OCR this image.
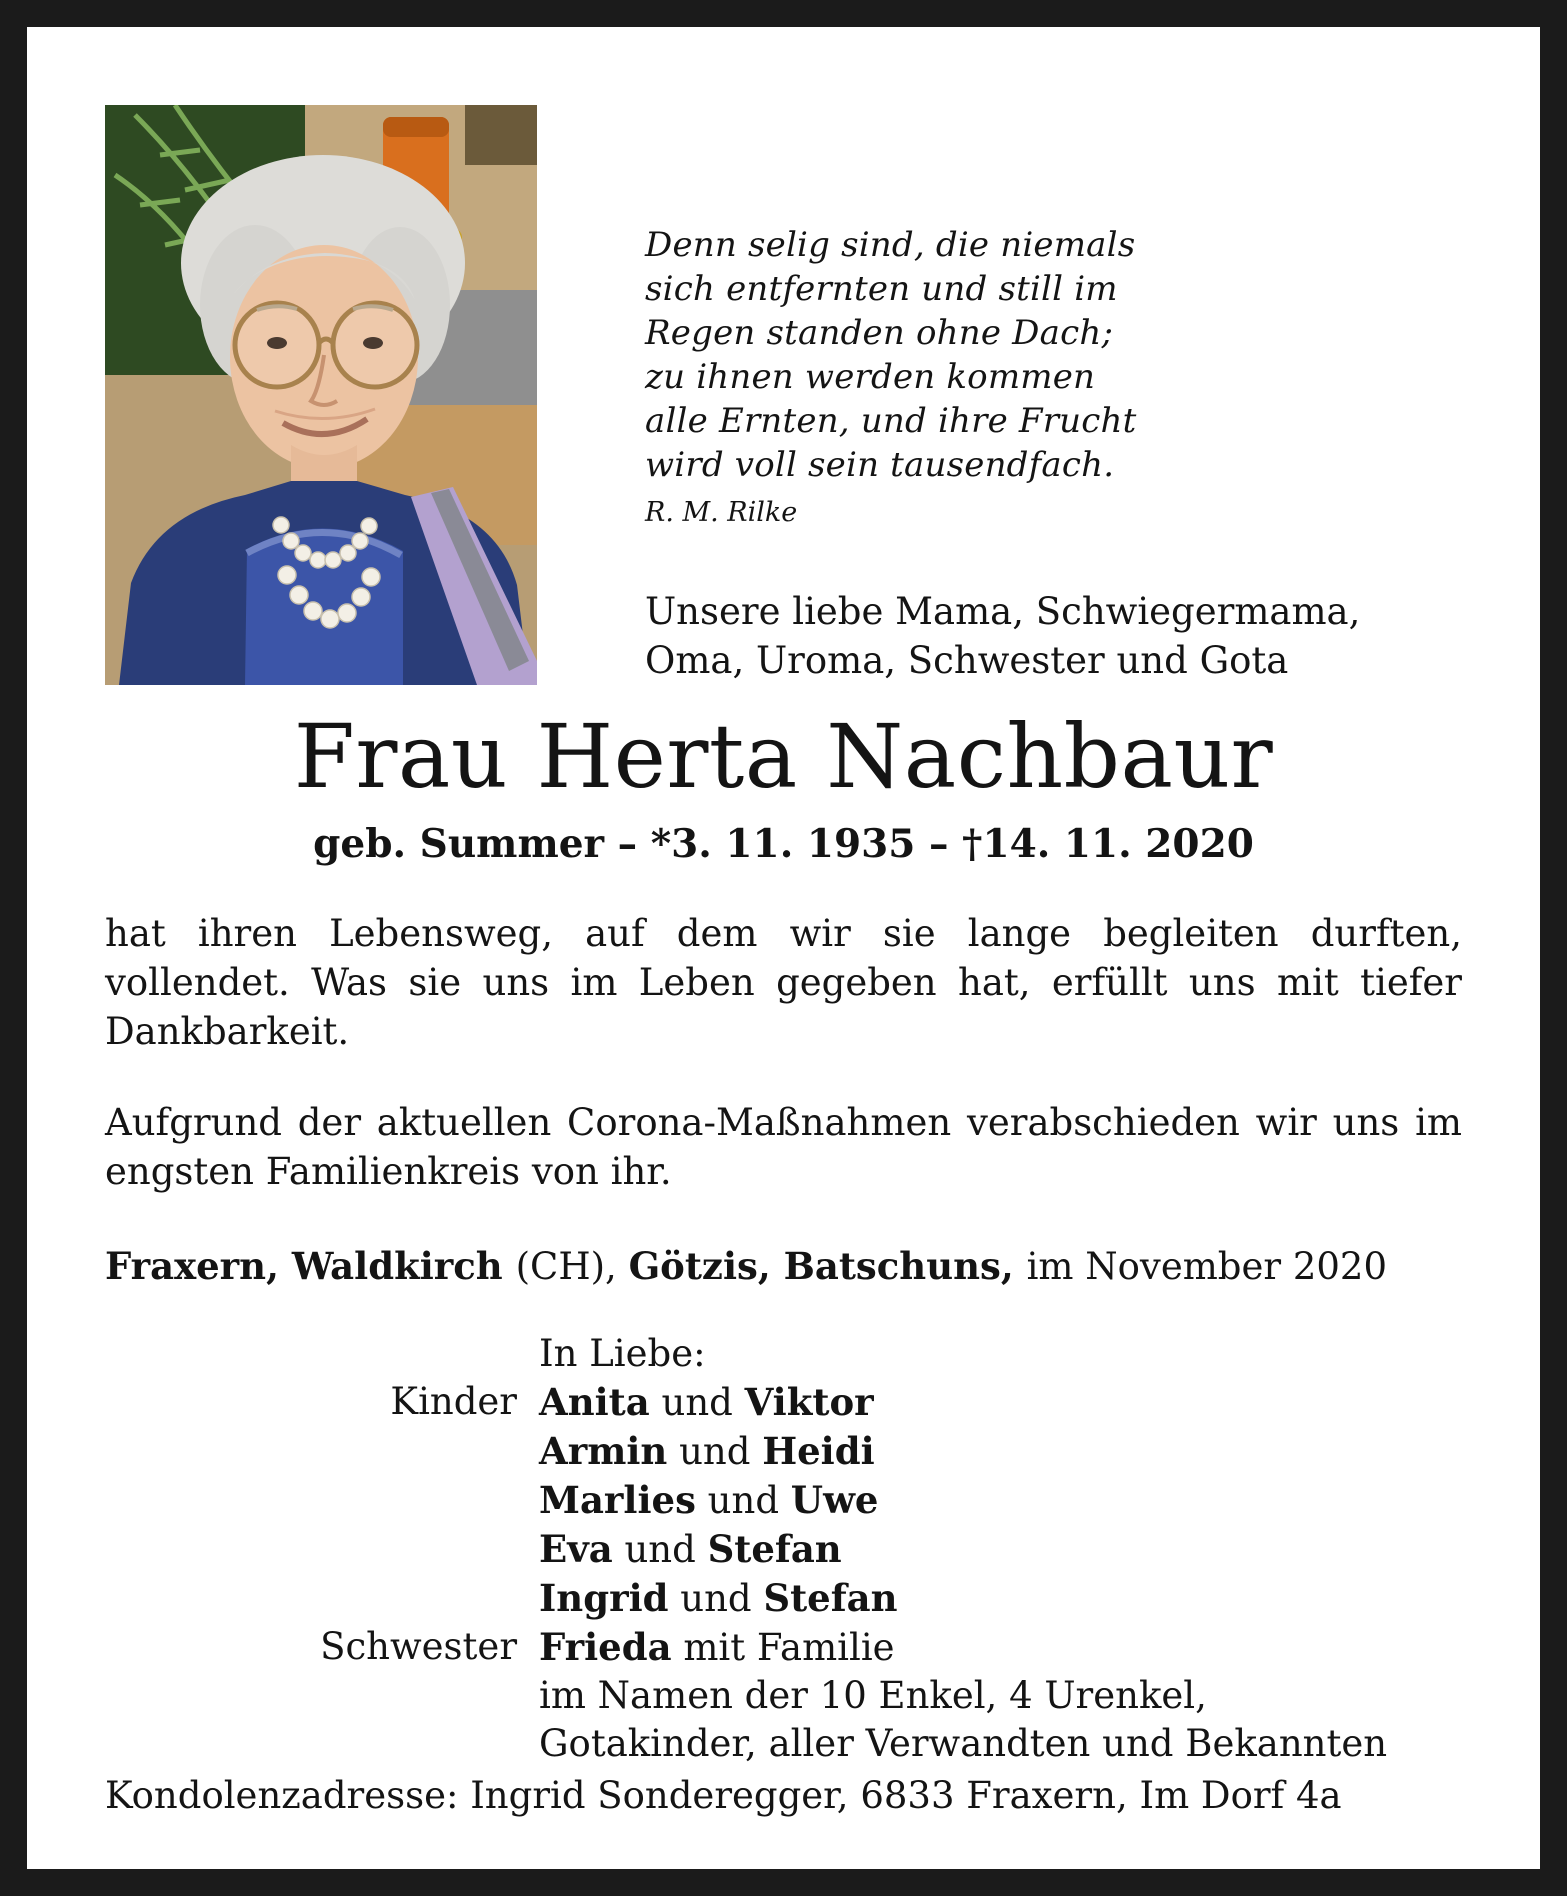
Denn selig sind, die niemals
sich entfernten und still im
Regen standen ohne Dach;
zu ihnen werden kommen
alle Ernten, und ihre Frucht
wird voll sein tausendfach.
R. M. Rilke
Unsere liebe Mama, Schwiegermama,
Oma, Uroma, Schwester und Gota
Frau Herta Nachbaur
geb. Summer – *3. 11. 1935 – †14. 11. 2020
hat ihren Lebensweg, auf dem wir sie lange begleiten durften, vollendet. Was sie uns im Leben gegeben hat, erfüllt uns mit tiefer Dankbarkeit.
Aufgrund der aktuellen Corona-Maßnahmen verabschieden wir uns im engsten Familienkreis von ihr.
Fraxern, Waldkirch (CH), Götzis, Batschuns, im November 2020
In Liebe:
Kinder Anita und Viktor
Armin und Heidi
Marlies und Uwe
Eva und Stefan
Ingrid und Stefan
Schwester Frieda mit Familie
im Namen der 10 Enkel, 4 Urenkel,
Gotakinder, aller Verwandten und Bekannten
Kondolenzadresse: Ingrid Sonderegger, 6833 Fraxern, Im Dorf 4a
